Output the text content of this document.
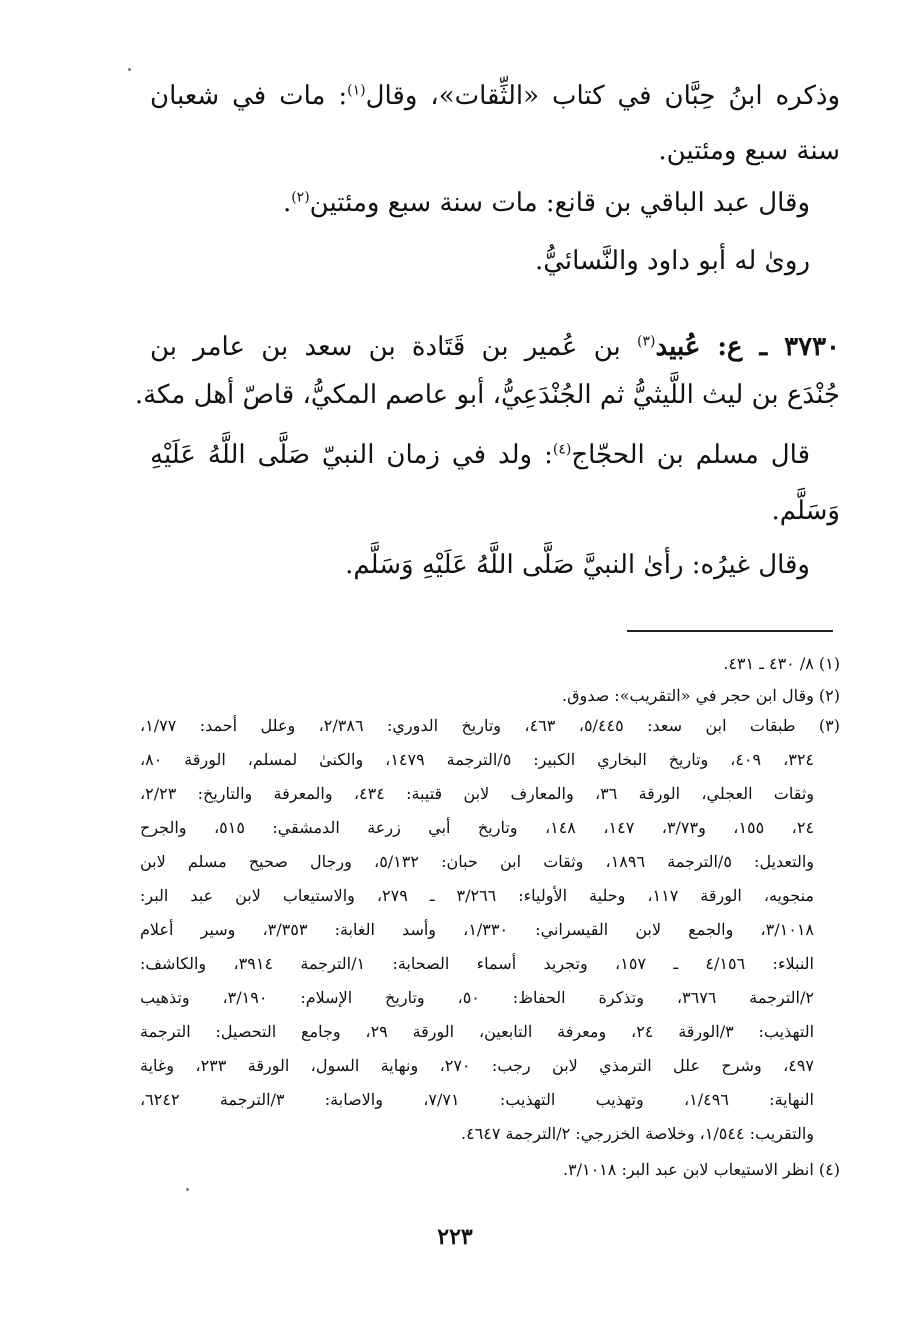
وذكره ابنُ حِبَّان في كتاب «الثِّقات»، وقال$^{(١)}$: مات في شعبان
سنة سبع ومئتين.
وقال عبد الباقي بن قانع: مات سنة سبع ومئتين$^{(٢)}$.
روىٰ له أبو داود والنَّسائيُّ.
٣٧٣٠ ـ ع: عُبيد$^{(٣)}$ بن عُمير بن قَتَادة بن سعد بن عامر بن
جُنْدَع بن ليث اللَّيثيُّ ثم الجُنْدَعِيُّ، أبو عاصم المكيُّ، قاصّ أهل مكة.
قال مسلم بن الحجّاج$^{(٤)}$: ولد في زمان النبيّ صَلَّى اللَّهُ عَلَيْهِ
وَسَلَّم.
وقال غيرُه: رأىٰ النبيَّ صَلَّى اللَّهُ عَلَيْهِ وَسَلَّم.
(١) ٨/ ٤٣٠ ـ ٤٣١.
(٢) وقال ابن حجر في «التقريب»: صدوق.
(٣) طبقات ابن سعد: ٥/٤٤٥، ٤٦٣، وتاريخ الدوري: ٢/٣٨٦، وعلل أحمد: ١/٧٧،
٣٢٤، ٤٠٩، وتاريخ البخاري الكبير: ٥/الترجمة ١٤٧٩، والكنىٰ لمسلم، الورقة ٨٠،
وثقات العجلي، الورقة ٣٦، والمعارف لابن قتيبة: ٤٣٤، والمعرفة والتاريخ: ٢/٢٣،
٢٤، ١٥٥، و٣/٧٣، ١٤٧، ١٤٨، وتاريخ أبي زرعة الدمشقي: ٥١٥، والجرح
والتعديل: ٥/الترجمة ١٨٩٦، وثقات ابن حبان: ٥/١٣٢، ورجال صحيح مسلم لابن
منجويه، الورقة ١١٧، وحلية الأولياء: ٣/٢٦٦ ـ ٢٧٩، والاستيعاب لابن عبد البر:
٣/١٠١٨، والجمع لابن القيسراني: ١/٣٣٠، وأسد الغابة: ٣/٣٥٣، وسير أعلام
النبلاء: ٤/١٥٦ ـ ١٥٧، وتجريد أسماء الصحابة: ١/الترجمة ٣٩١٤، والكاشف:
٢/الترجمة ٣٦٧٦، وتذكرة الحفاظ: ٥٠، وتاريخ الإسلام: ٣/١٩٠، وتذهيب
التهذيب: ٣/الورقة ٢٤، ومعرفة التابعين، الورقة ٢٩، وجامع التحصيل: الترجمة
٤٩٧، وشرح علل الترمذي لابن رجب: ٢٧٠، ونهاية السول، الورقة ٢٣٣، وغاية
النهاية: ١/٤٩٦، وتهذيب التهذيب: ٧/٧١، والاصابة: ٣/الترجمة ٦٢٤٢،
والتقريب: ١/٥٤٤، وخلاصة الخزرجي: ٢/الترجمة ٤٦٤٧.
(٤) انظر الاستيعاب لابن عبد البر: ٣/١٠١٨.
٢٢٣
